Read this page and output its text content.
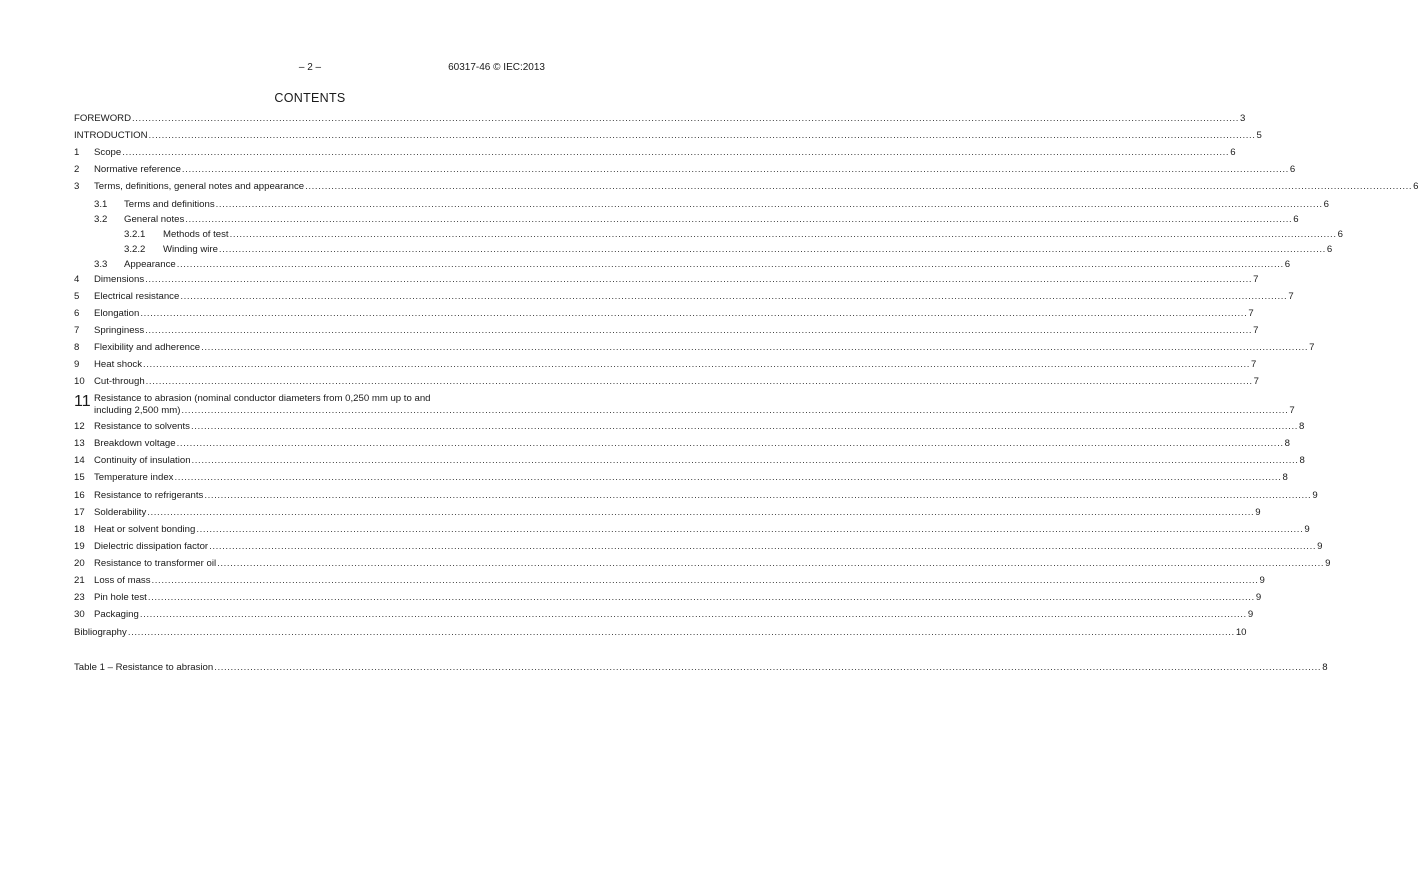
– 2 –	60317-46 © IEC:2013
CONTENTS
FOREWORD .....	3
INTRODUCTION .....	5
1	Scope .....	6
2	Normative reference .....	6
3	Terms, definitions, general notes and appearance .....	6
3.1	Terms and definitions .....	6
3.2	General notes .....	6
3.2.1	Methods of test .....	6
3.2.2	Winding wire .....	6
3.3	Appearance .....	6
4	Dimensions .....	7
5	Electrical resistance .....	7
6	Elongation .....	7
7	Springiness .....	7
8	Flexibility and adherence .....	7
9	Heat shock .....	7
10 Cut-through .....	7
11 Resistance to abrasion (nominal conductor diameters from 0,250 mm up to and
including 2,500 mm) .....	7
12 Resistance to solvents .....	8
13 Breakdown voltage .....	8
14 Continuity of insulation .....	8
15 Temperature index .....	8
16 Resistance to refrigerants .....	9
17 Solderability .....	9
18 Heat or solvent bonding .....	9
19 Dielectric dissipation factor .....	9
20 Resistance to transformer oil .....	9
21 Loss of mass .....	9
23 Pin hole test .....	9
30 Packaging .....	9
Bibliography .....	10
Table 1 – Resistance to abrasion .....	8
